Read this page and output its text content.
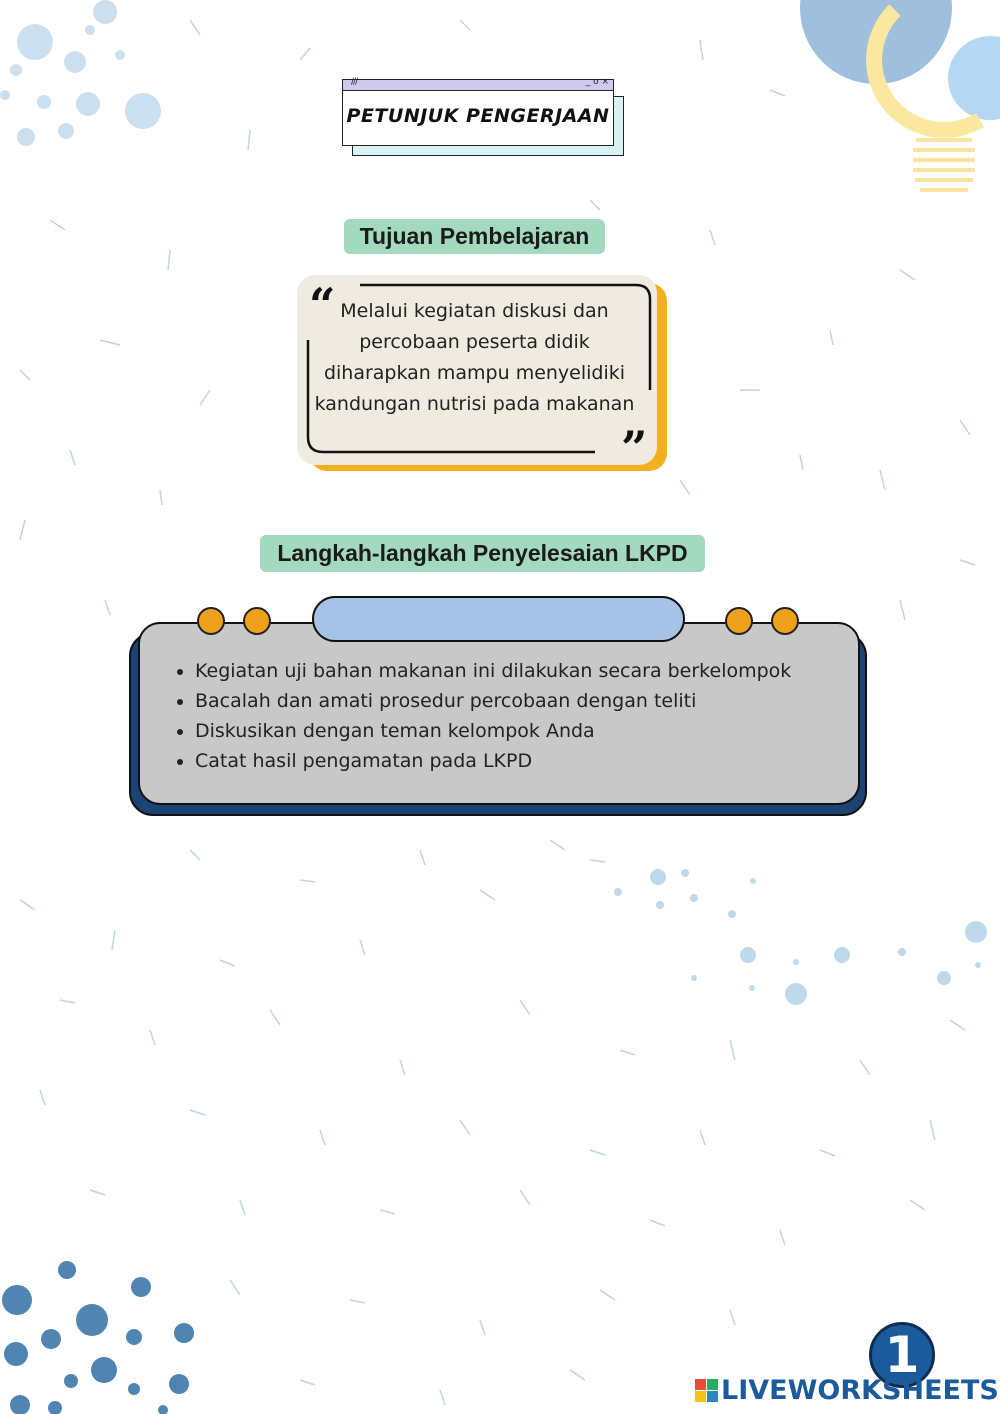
///	_ o ×
PETUNJUK PENGERJAAN
Tujuan Pembelajaran
“
”
Melalui kegiatan diskusi dan percobaan peserta didik diharapkan mampu menyelidiki kandungan nutrisi pada makanan
Langkah-langkah Penyelesaian LKPD
• Kegiatan uji bahan makanan ini dilakukan secara berkelompok
• Bacalah dan amati prosedur percobaan dengan teliti
• Diskusikan dengan teman kelompok Anda
• Catat hasil pengamatan pada LKPD
1
LIVEWORKSHEETS
